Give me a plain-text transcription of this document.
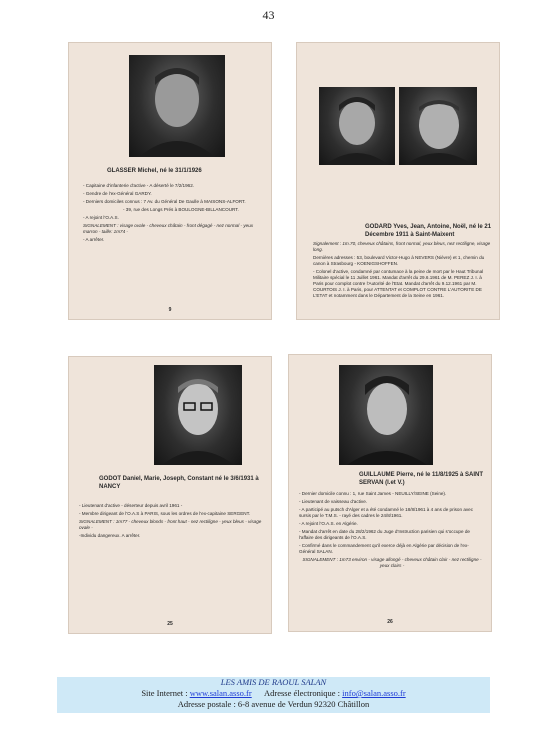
43
GLASSER Michel, né le 31/1/1926

- Capitaine d'infanterie d'active - A déserté le 7/2/1962.

- Gendre de l'ex-Général GARDY.

- Derniers domiciles connus : 7 Av. du Général De Gaulle à MAISONS-ALFORT.

- 39, rue des Longs Prés à BOULOGNE-BILLANCOURT.

- A rejoint l'O.A.S.

SIGNALEMENT : visage ovale - cheveux châtain - front dégagé - nez normal - yeux marron - taille: 1m74 -

- A arrêter.

9
GODARD Yves, Jean, Antoine, Noël, né le 21 Décembre 1911 à Saint-Maixent

Signalement : 1m.70, cheveux châtains, front normal, yeux bleus, nez rectiligne, visage long.

Dernières adresses : 53, boulevard Victor-Hugo à NEVERS (Nièvre) et 1, chemin du canon à Strasbourg - KOENIGSHOFFEN.

- Colonel d'active, condamné par contumace à la peine de mort par le Haut Tribunal Militaire spécial le 11 Juillet 1961. Mandat d'arrêt du 29.6.1961 de M. PEREZ J. I. à Paris pour complot contre l'Autorité de l'Etat. Mandat d'arrêt du 9.12.1961 par M. COURTOIS J. I. à Paris, pour ATTENTAT et COMPLOT CONTRE L'AUTORITE DE L'ETAT et notamment dans le Département de la Seine en 1961.

GODOT Daniel, Marie, Joseph, Constant né le 3/6/1931 à NANCY

- Lieutenant d'active - déserteur depuis avril 1961 -

- Membre dirigeant de l'O.A.S à PARIS, sous les ordres de l'ex-capitaine SERGENT.

SIGNALEMENT : 1m77 - cheveux blonds - front haut - nez rectiligne - yeux bleus - visage ovale -

-Individu dangereux. A arrêter.

25
GUILLAUME Pierre, né le 11/8/1925 à SAINT SERVAN (I.et V.)

- Dernier domicile connu : 1, rue Saint James - NEUILLY/SEINE (Seine).

- Lieutenant de vaisseau d'active.

- A participé au putsch d'Alger et a été condamné le 18/8/1961 à 4 ans de prison avec sursis par le T.M.S. - rayé des cadres le 24/8/1961.

- A rejoint l'O.A.S. en Algérie.

- Mandat d'arrêt en date du 28/2/1962 du Juge d'Instruction parisien qui s'occupe de l'affaire des dirigeants de l'O.A.S.

- Confirmé dans le commandement qu'il exerce déjà en Algérie par décision de l'ex-Général SALAN.

SIGNALEMENT : 1m73 environ - visage allongé - cheveux châtain clair - nez rectiligne - yeux clairs -

26
LES AMIS DE RAOUL SALAN
Site Internet : www.salan.asso.fr Adresse électronique : info@salan.asso.fr
Adresse postale : 6-8 avenue de Verdun 92320 Châtillon
